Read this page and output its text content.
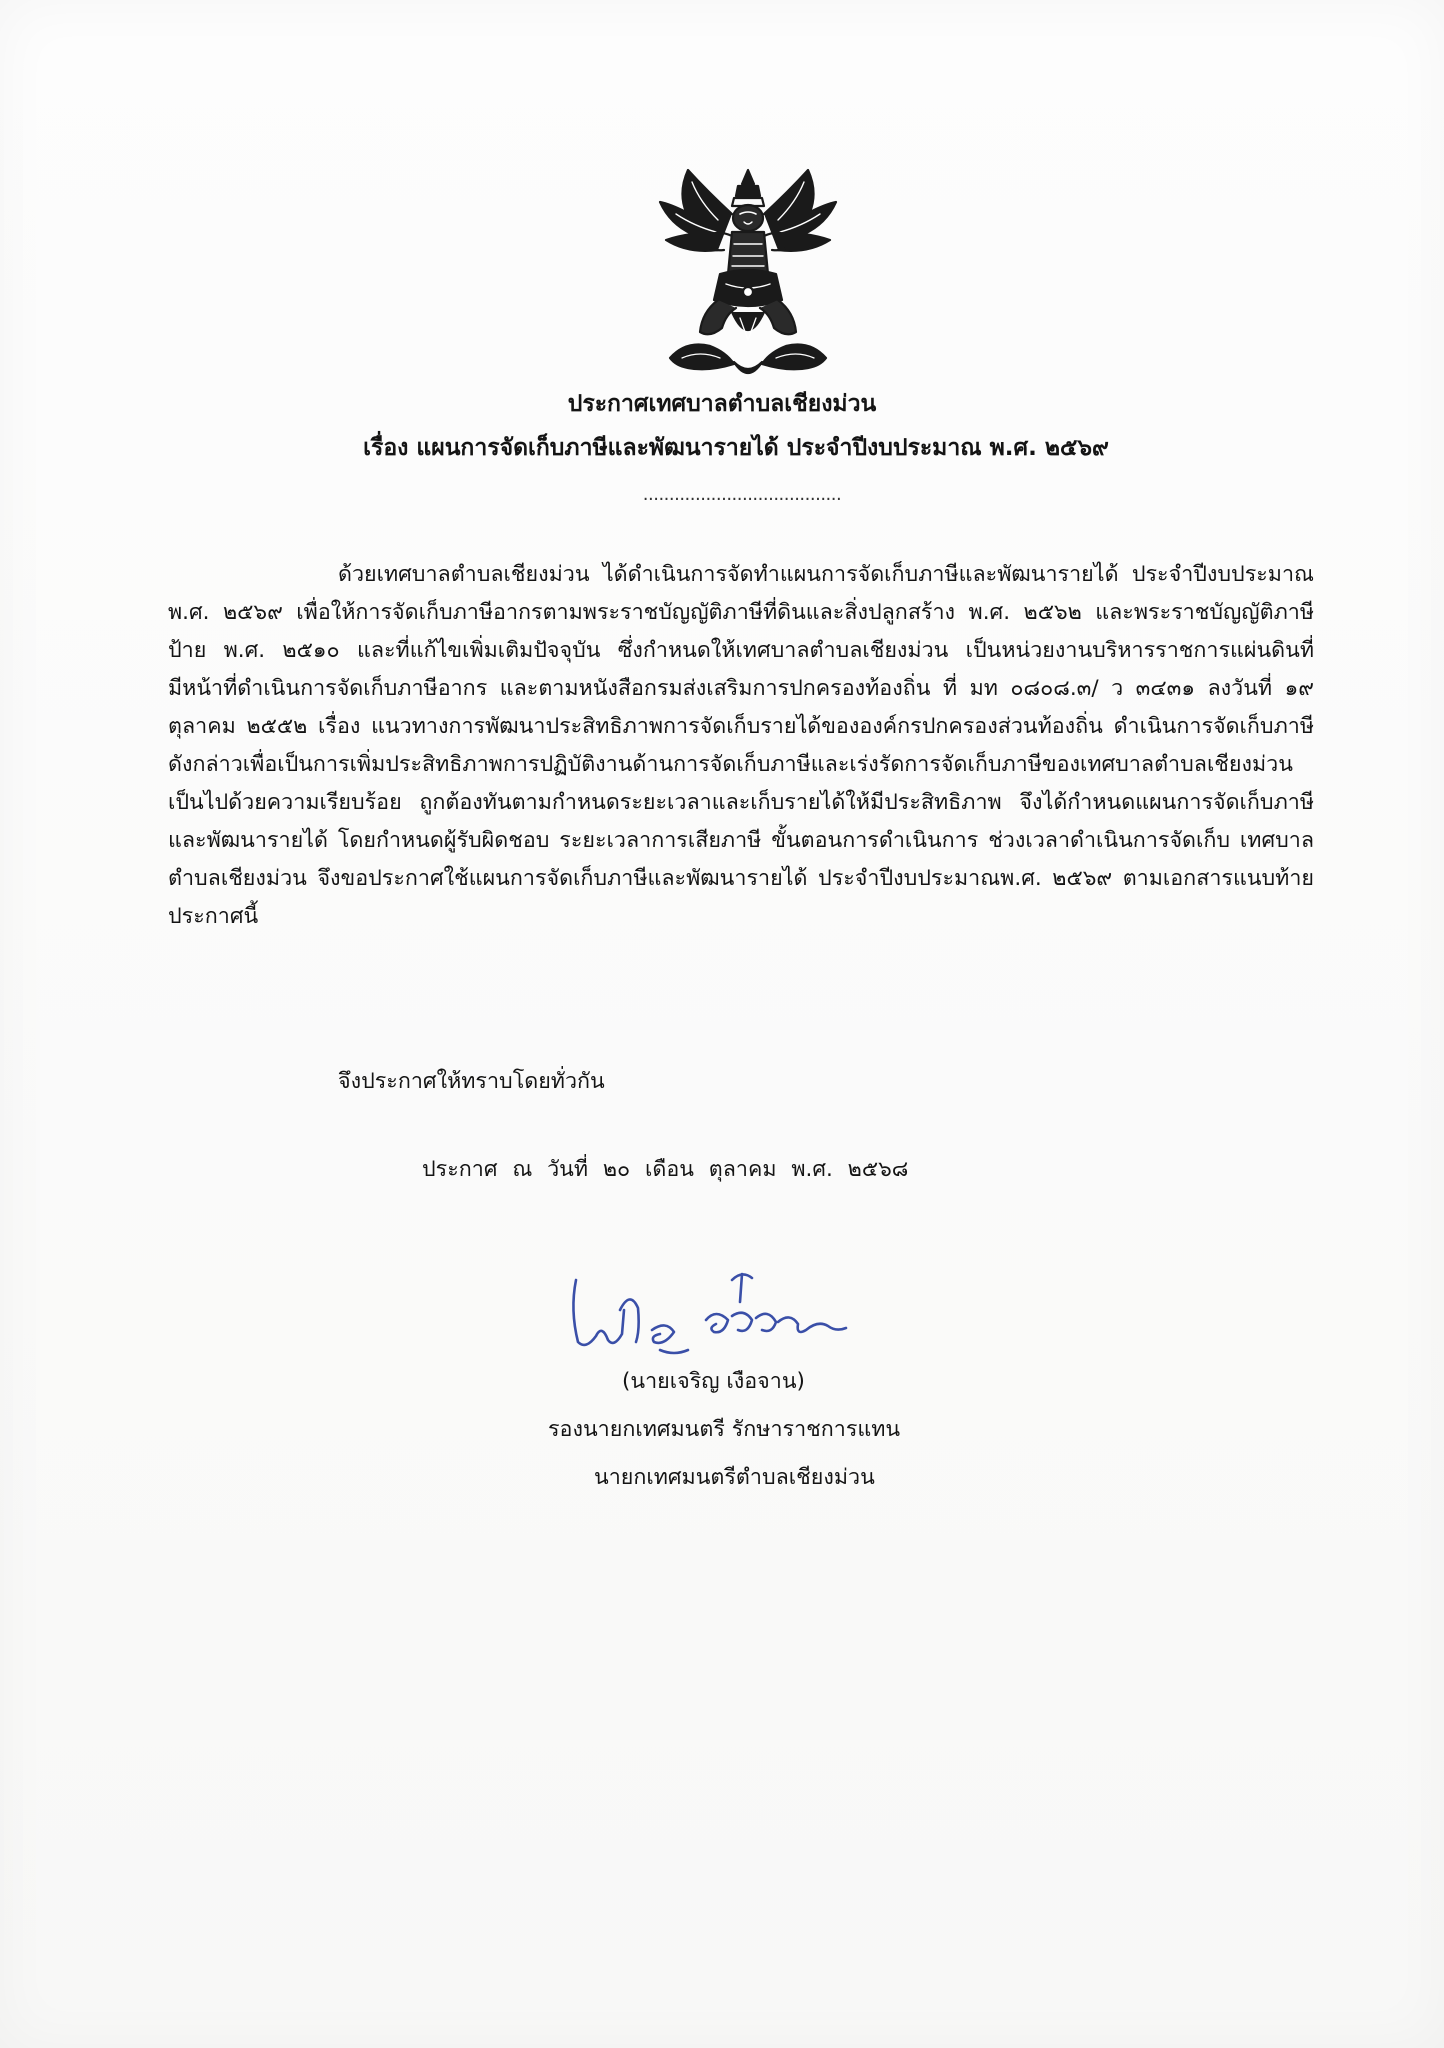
ประกาศเทศบาลตำบลเชียงม่วน
เรื่อง แผนการจัดเก็บภาษีและพัฒนารายได้ ประจำปีงบประมาณ พ.ศ. ๒๕๖๙
......................................

ด้วยเทศบาลตำบลเชียงม่วน ได้ดำเนินการจัดทำแผนการจัดเก็บภาษีและพัฒนารายได้ ประจำปีงบประมาณ พ.ศ. ๒๕๖๙ เพื่อให้การจัดเก็บภาษีอากรตามพระราชบัญญัติภาษีที่ดินและสิ่งปลูกสร้าง พ.ศ. ๒๕๖๒ และพระราชบัญญัติภาษีป้าย พ.ศ. ๒๕๑๐ และที่แก้ไขเพิ่มเติมปัจจุบัน ซึ่งกำหนดให้เทศบาลตำบลเชียงม่วน เป็นหน่วยงานบริหารราชการแผ่นดินที่มีหน้าที่ดำเนินการจัดเก็บภาษีอากร และตามหนังสือกรมส่งเสริมการปกครองท้องถิ่น ที่ มท ๐๘๐๘.๓/ ว ๓๔๓๑ ลงวันที่ ๑๙ ตุลาคม ๒๕๕๒ เรื่อง แนวทางการพัฒนาประสิทธิภาพการจัดเก็บรายได้ขององค์กรปกครองส่วนท้องถิ่น ดำเนินการจัดเก็บภาษีดังกล่าวเพื่อเป็นการเพิ่มประสิทธิภาพการปฏิบัติงานด้านการจัดเก็บภาษีและเร่งรัดการจัดเก็บภาษีของเทศบาลตำบลเชียงม่วน เป็นไปด้วยความเรียบร้อย ถูกต้องทันตามกำหนดระยะเวลาและเก็บรายได้ให้มีประสิทธิภาพ จึงได้กำหนดแผนการจัดเก็บภาษีและพัฒนารายได้ โดยกำหนดผู้รับผิดชอบ ระยะเวลาการเสียภาษี ขั้นตอนการดำเนินการ ช่วงเวลาดำเนินการจัดเก็บ เทศบาลตำบลเชียงม่วน จึงขอประกาศใช้แผนการจัดเก็บภาษีและพัฒนารายได้ ประจำปีงบประมาณพ.ศ. ๒๕๖๙ ตามเอกสารแนบท้ายประกาศนี้

จึงประกาศให้ทราบโดยทั่วกัน
ประกาศ ณ วันที่ ๒๐ เดือน ตุลาคม พ.ศ. ๒๕๖๘
(นายเจริญ เงือจาน)
รองนายกเทศมนตรี รักษาราชการแทน
นายกเทศมนตรีตำบลเชียงม่วน
